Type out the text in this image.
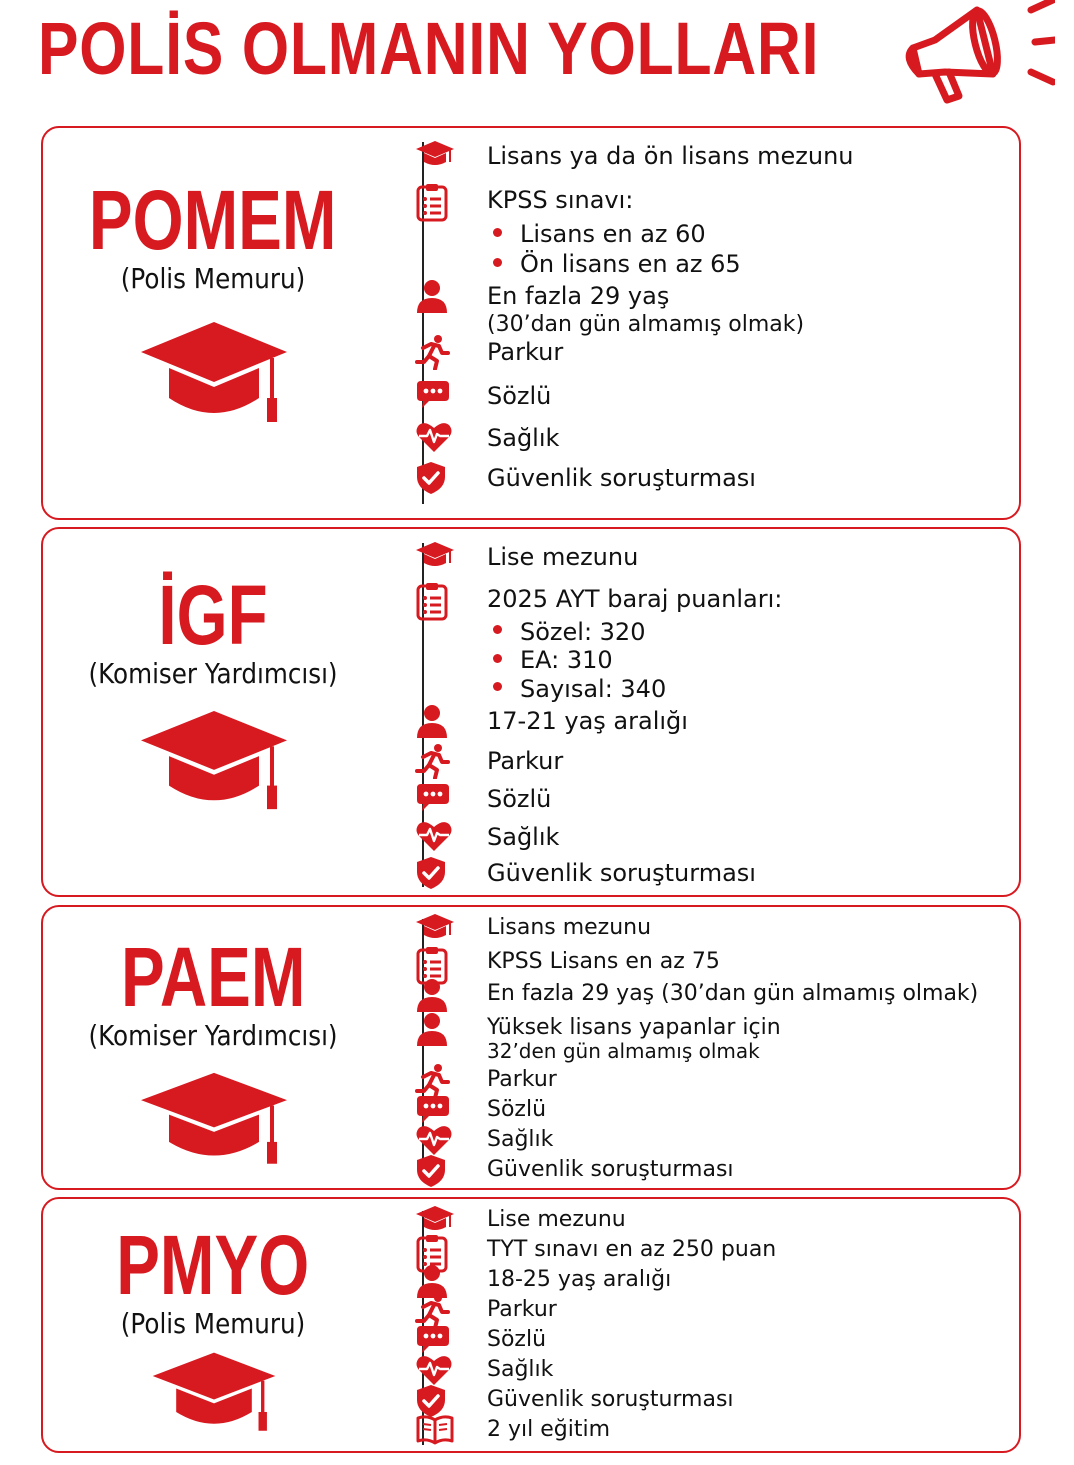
POLİS OLMANIN YOLLARI
POMEM
(Polis Memuru)
Lisans ya da ön lisans mezunu
KPSS sınavı:
Lisans en az 60
Ön lisans en az 65
En fazla 29 yaş
(30’dan gün almamış olmak)
Parkur
Sözlü
Sağlık
Güvenlik soruşturması
İGF
(Komiser Yardımcısı)
Lise mezunu
2025 AYT baraj puanları:
Sözel: 320
EA: 310
Sayısal: 340
17-21 yaş aralığı
Parkur
Sözlü
Sağlık
Güvenlik soruşturması
PAEM
(Komiser Yardımcısı)
Lisans mezunu
KPSS Lisans en az 75
En fazla 29 yaş (30’dan gün almamış olmak)
Yüksek lisans yapanlar için
32’den gün almamış olmak
Parkur
Sözlü
Sağlık
Güvenlik soruşturması
PMYO
(Polis Memuru)
Lise mezunu
TYT sınavı en az 250 puan
18-25 yaş aralığı
Parkur
Sözlü
Sağlık
Güvenlik soruşturması
2 yıl eğitim
